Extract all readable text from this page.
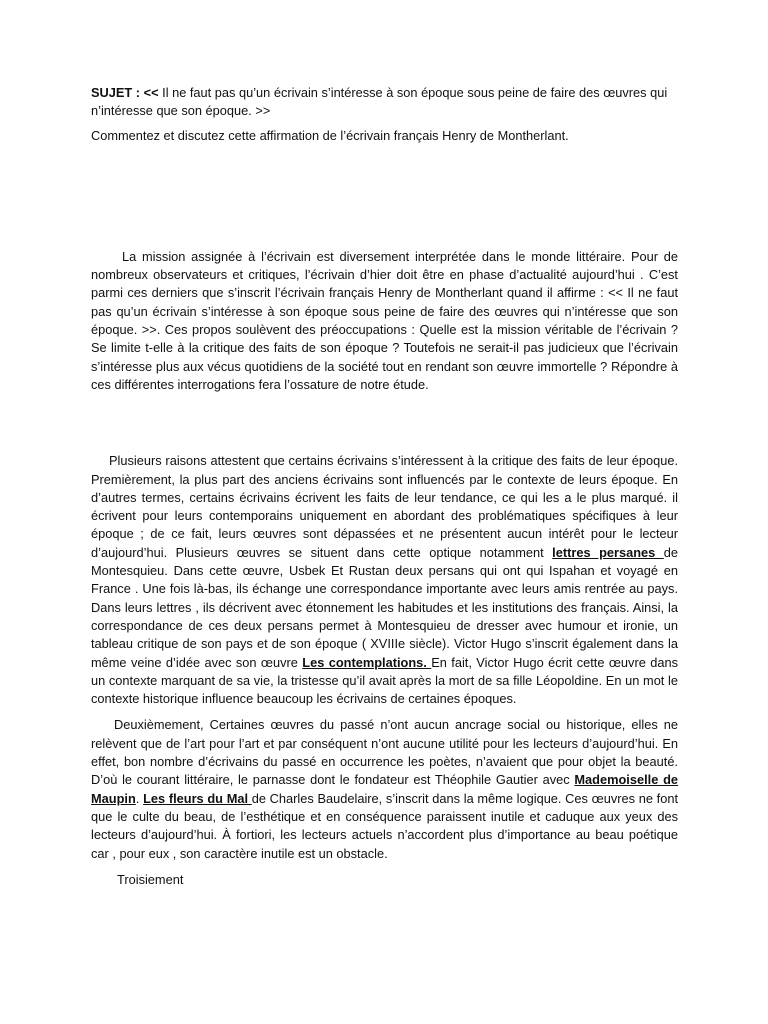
SUJET : << Il ne faut pas qu’un écrivain s’intéresse à son époque sous peine de faire des œuvres qui n’intéresse que son époque. >>

Commentez et discutez cette affirmation de l’écrivain français Henry de Montherlant.

La mission assignée à l’écrivain est diversement interprétée dans le monde littéraire. Pour de nombreux observateurs et critiques, l’écrivain d’hier doit être en phase d’actualité aujourd’hui . C’est parmi ces derniers que s’inscrit l’écrivain français Henry de Montherlant quand il affirme : << Il ne faut pas qu’un écrivain s’intéresse à son époque sous peine de faire des œuvres qui n’intéresse que son époque. >>. Ces propos soulèvent des préoccupations : Quelle est la mission véritable de l’écrivain ? Se limite t-elle à la critique des faits de son époque ? Toutefois ne serait-il pas judicieux que l’écrivain s’intéresse plus aux vécus quotidiens de la société tout en rendant son œuvre immortelle ? Répondre à ces différentes interrogations fera l’ossature de notre étude.

Plusieurs raisons attestent que certains écrivains s’intéressent à la critique des faits de leur époque. Premièrement, la plus part des anciens écrivains sont influencés par le contexte de leurs époque. En d’autres termes, certains écrivains écrivent les faits de leur tendance, ce qui les a le plus marqué. il écrivent pour leurs contemporains uniquement en abordant des problématiques spécifiques à leur époque ; de ce fait, leurs œuvres sont dépassées et ne présentent aucun intérêt pour le lecteur d’aujourd’hui. Plusieurs œuvres se situent dans cette optique notamment lettres persanes de Montesquieu. Dans cette œuvre, Usbek Et Rustan deux persans qui ont qui Ispahan et voyagé en France . Une fois là-bas, ils échange une correspondance importante avec leurs amis rentrée au pays. Dans leurs lettres , ils décrivent avec étonnement les habitudes et les institutions des français. Ainsi, la correspondance de ces deux persans permet à Montesquieu de dresser avec humour et ironie, un tableau critique de son pays et de son époque ( XVIIIe siècle). Victor Hugo s’inscrit également dans la même veine d’idée avec son œuvre Les contemplations. En fait, Victor Hugo écrit cette œuvre dans un contexte marquant de sa vie, la tristesse qu’il avait après la mort de sa fille Léopoldine. En un mot le contexte historique influence beaucoup les écrivains de certaines époques.

Deuxièmement, Certaines œuvres du passé n’ont aucun ancrage social ou historique, elles ne relèvent que de l’art pour l’art et par conséquent n’ont aucune utilité pour les lecteurs d’aujourd’hui. En effet, bon nombre d’écrivains du passé en occurrence les poètes, n’avaient que pour objet la beauté. D’où le courant littéraire, le parnasse dont le fondateur est Théophile Gautier avec Mademoiselle de Maupin. Les fleurs du Mal de Charles Baudelaire, s’inscrit dans la même logique. Ces œuvres ne font que le culte du beau, de l’esthétique et en conséquence paraissent inutile et caduque aux yeux des lecteurs d’aujourd’hui. À fortiori, les lecteurs actuels n’accordent plus d’importance au beau poétique car , pour eux , son caractère inutile est un obstacle.

Troisiement
